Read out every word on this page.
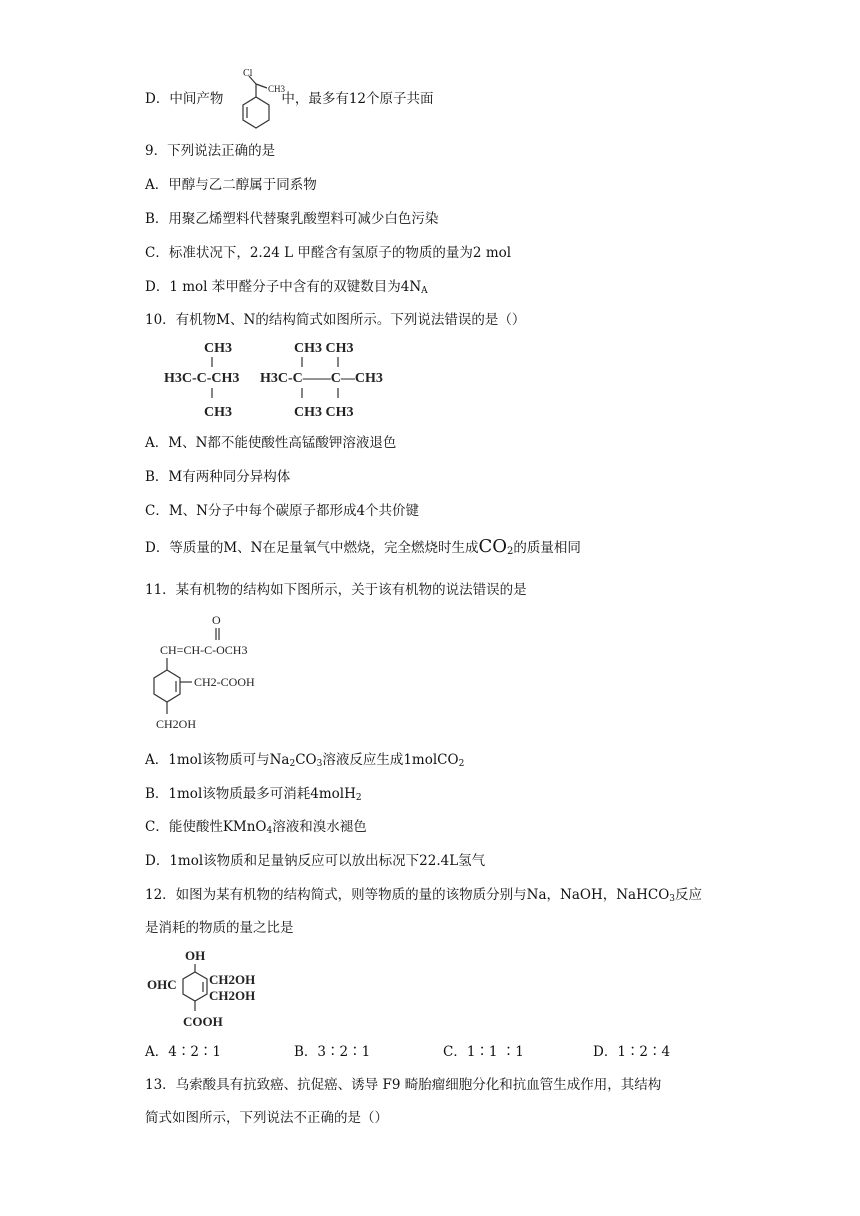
D．中间产物	中，最多有12个原子共面
Cl
CH3
9．下列说法正确的是
A．甲醇与乙二醇属于同系物
B．用聚乙烯塑料代替聚乳酸塑料可减少白色污染
C．标准状况下，2.24 L 甲醛含有氢原子的物质的量为2 mol
D．1 mol 苯甲醛分子中含有的双键数目为$4N_A$
10．有机物M、N的结构简式如图所示。下列说法错误的是（）
CH3
H3C-C-CH3
CH3
CH3 CH3
H3C-C——C—CH3
CH3 CH3
A．M、N都不能使酸性高锰酸钾溶液退色
B．M有两种同分异构体
C．M、N分子中每个碳原子都形成4个共价键
D．等质量的M、N在足量氧气中燃烧，完全燃烧时生成$CO_2$的质量相同
11．某有机物的结构如下图所示，关于该有机物的说法错误的是
O
CH=CH-C-OCH3
CH2-COOH
CH2OH
A．1mol该物质可与$Na_2CO_3$溶液反应生成1molCO$_2$
B．1mol该物质最多可消耗4molH$_2$
C．能使酸性KMnO$_4$溶液和溴水褪色
D．1mol该物质和足量钠反应可以放出标况下22.4L氢气
12．如图为某有机物的结构简式，则等物质的量的该物质分别与Na，NaOH，NaHCO$_3$反应
是消耗的物质的量之比是
OH
OHC CH2OH
CH2OH
COOH
A．4∶2∶1	B．3∶2∶1	C．1∶1 ∶1	D．1∶2∶4
13．乌索酸具有抗致癌、抗促癌、诱导 F9 畸胎瘤细胞分化和抗血管生成作用，其结构
简式如图所示，下列说法不正确的是（）
